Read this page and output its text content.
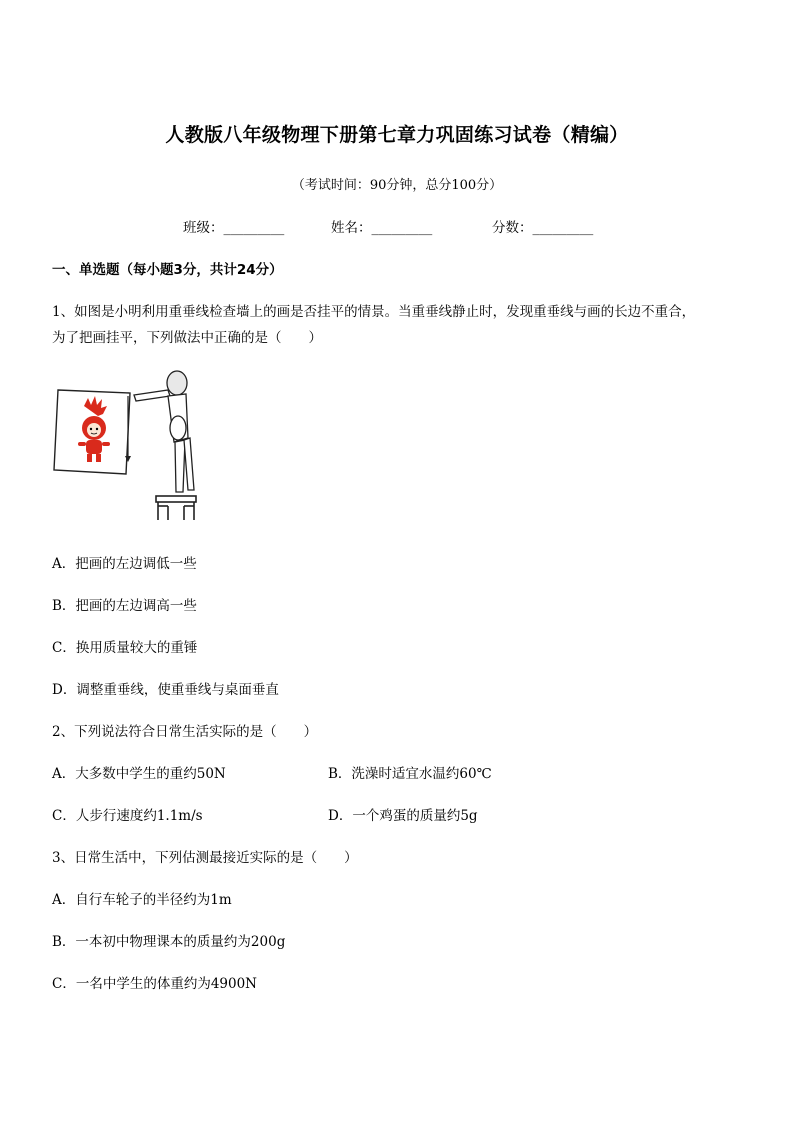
人教版八年级物理下册第七章力巩固练习试卷（精编）
（考试时间：90分钟，总分100分）
班级：_________	姓名：_________	分数：_________
一、单选题（每小题3分，共计24分）
1、如图是小明利用重垂线检查墙上的画是否挂平的情景。当重垂线静止时，发现重垂线与画的长边不重合，
为了把画挂平，下列做法中正确的是（　　）
A．把画的左边调低一些
B．把画的左边调高一些
C．换用质量较大的重锤
D．调整重垂线，使重垂线与桌面垂直
2、下列说法符合日常生活实际的是（　　）
A．大多数中学生的重约50N	B．洗澡时适宜水温约60℃
C．人步行速度约1.1m/s	D．一个鸡蛋的质量约5g
3、日常生活中，下列估测最接近实际的是（　　）
A．自行车轮子的半径约为1m
B．一本初中物理课本的质量约为200g
C．一名中学生的体重约为4900N
